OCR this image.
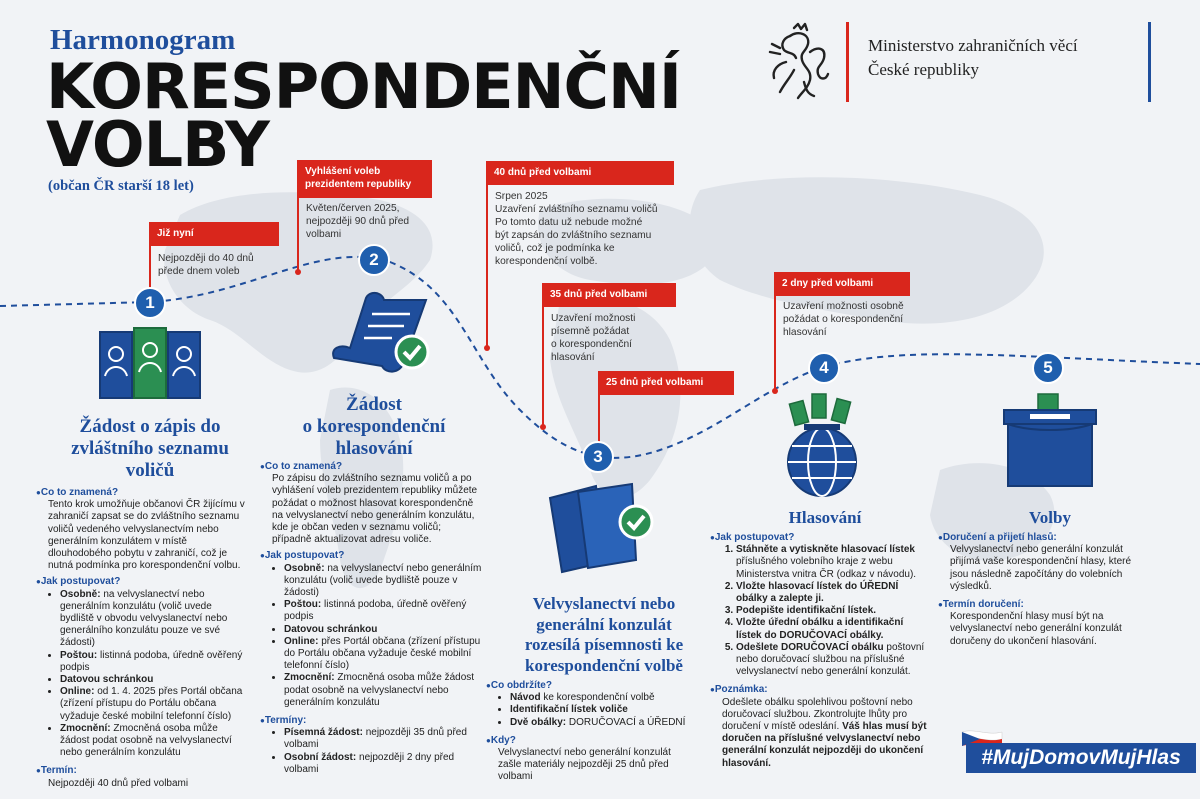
Harmonogram
KORESPONDENČNÍ
VOLBY
(občan ČR starší 18 let)
Ministerstvo zahraničních věcí
České republiky
Již nyní
Nejpozději do 40 dnů
přede dnem voleb
Vyhlášení voleb
prezidentem republiky
Květen/červen 2025,
nejpozději 90 dnů před
volbami
40 dnů před volbami
Srpen 2025
Uzavření zvláštního seznamu voličů
Po tomto datu už nebude možné
být zapsán do zvláštního seznamu
voličů, což je podmínka ke
korespondenční volbě.
35 dnů před volbami
Uzavření možnosti
písemně požádat
o korespondenční
hlasování
25 dnů před volbami
2 dny před volbami
Uzavření možnosti osobně
požádat o korespondenční
hlasování
1
2
3
4	5
Žádost o zápis do
zvláštního seznamu
voličů
Žádost
o korespondenční
hlasování
Velvyslanectví nebo
generální konzulát
rozesílá písemnosti ke
korespondenční volbě
Hlasování	Volby
● Co to znamená?

Tento krok umožňuje občanovi ČR žijícímu v zahraničí zapsat se do zvláštního seznamu voličů vedeného velvyslanectvím nebo generálním konzulátem v místě dlouhodobého pobytu v zahraničí, což je nutná podmínka pro korespondenční volbu.

● Jak postupovat?
• Osobně: na velvyslanectví nebo generálním konzulátu (volič uvede bydliště v obvodu velvyslanectví nebo generálního konzulátu pouze ve své žádosti)
• Poštou: listinná podoba, úředně ověřený podpis
• Datovou schránkou
• Online: od 1. 4. 2025 přes Portál občana (zřízení přístupu do Portálu občana vyžaduje české mobilní telefonní číslo)
• Zmocnění: Zmocněná osoba může žádost podat osobně na velvyslanectví nebo generálním konzulátu
● Termín:

Nejpozději 40 dnů před volbami

● Co to znamená?

Po zápisu do zvláštního seznamu voličů a po vyhlášení voleb prezidentem republiky můžete požádat o možnost hlasovat korespondenčně na velvyslanectví nebo generálním konzulátu, kde je občan veden v seznamu voličů; případně aktualizovat adresu voliče.

● Jak postupovat?
• Osobně: na velvyslanectví nebo generálním konzulátu (volič uvede bydliště pouze v žádosti)
• Poštou: listinná podoba, úředně ověřený podpis
• Datovou schránkou
• Online: přes Portál občana (zřízení přístupu do Portálu občana vyžaduje české mobilní telefonní číslo)
• Zmocnění: Zmocněná osoba může žádost podat osobně na velvyslanectví nebo generálním konzulátu
● Termíny:
• Písemná žádost: nejpozději 35 dnů před volbami
• Osobní žádost: nejpozději 2 dny před volbami
● Co obdržíte?
• Návod ke korespondenční volbě
• Identifikační lístek voliče
• Dvě obálky: DORUČOVACÍ a ÚŘEDNÍ
● Kdy?

Velvyslanectví nebo generální konzulát zašle materiály nejpozději 25 dnů před volbami

● Jak postupovat?
1. Stáhněte a vytiskněte hlasovací lístek příslušného volebního kraje z webu Ministerstva vnitra ČR (odkaz v návodu).
2. Vložte hlasovací lístek do ÚŘEDNÍ obálky a zalepte ji.
3. Podepište identifikační lístek.
4. Vložte úřední obálku a identifikační lístek do DORUČOVACÍ obálky.
5. Odešlete DORUČOVACÍ obálku poštovní nebo doručovací službou na příslušné velvyslanectví nebo generální konzulát.
● Poznámka:

Odešlete obálku spolehlivou poštovní nebo doručovací službou. Zkontrolujte lhůty pro doručení v místě odeslání. Váš hlas musí být doručen na příslušné velvyslanectví nebo generální konzulát nejpozději do ukončení hlasování.

● Doručení a přijetí hlasů:

Velvyslanectví nebo generální konzulát přijímá vaše korespondenční hlasy, které jsou následně započítány do volebních výsledků.

● Termín doručení:

Korespondenční hlasy musí být na velvyslanectví nebo generální konzulát doručeny do ukončení hlasování.

#MujDomovMujHlas
